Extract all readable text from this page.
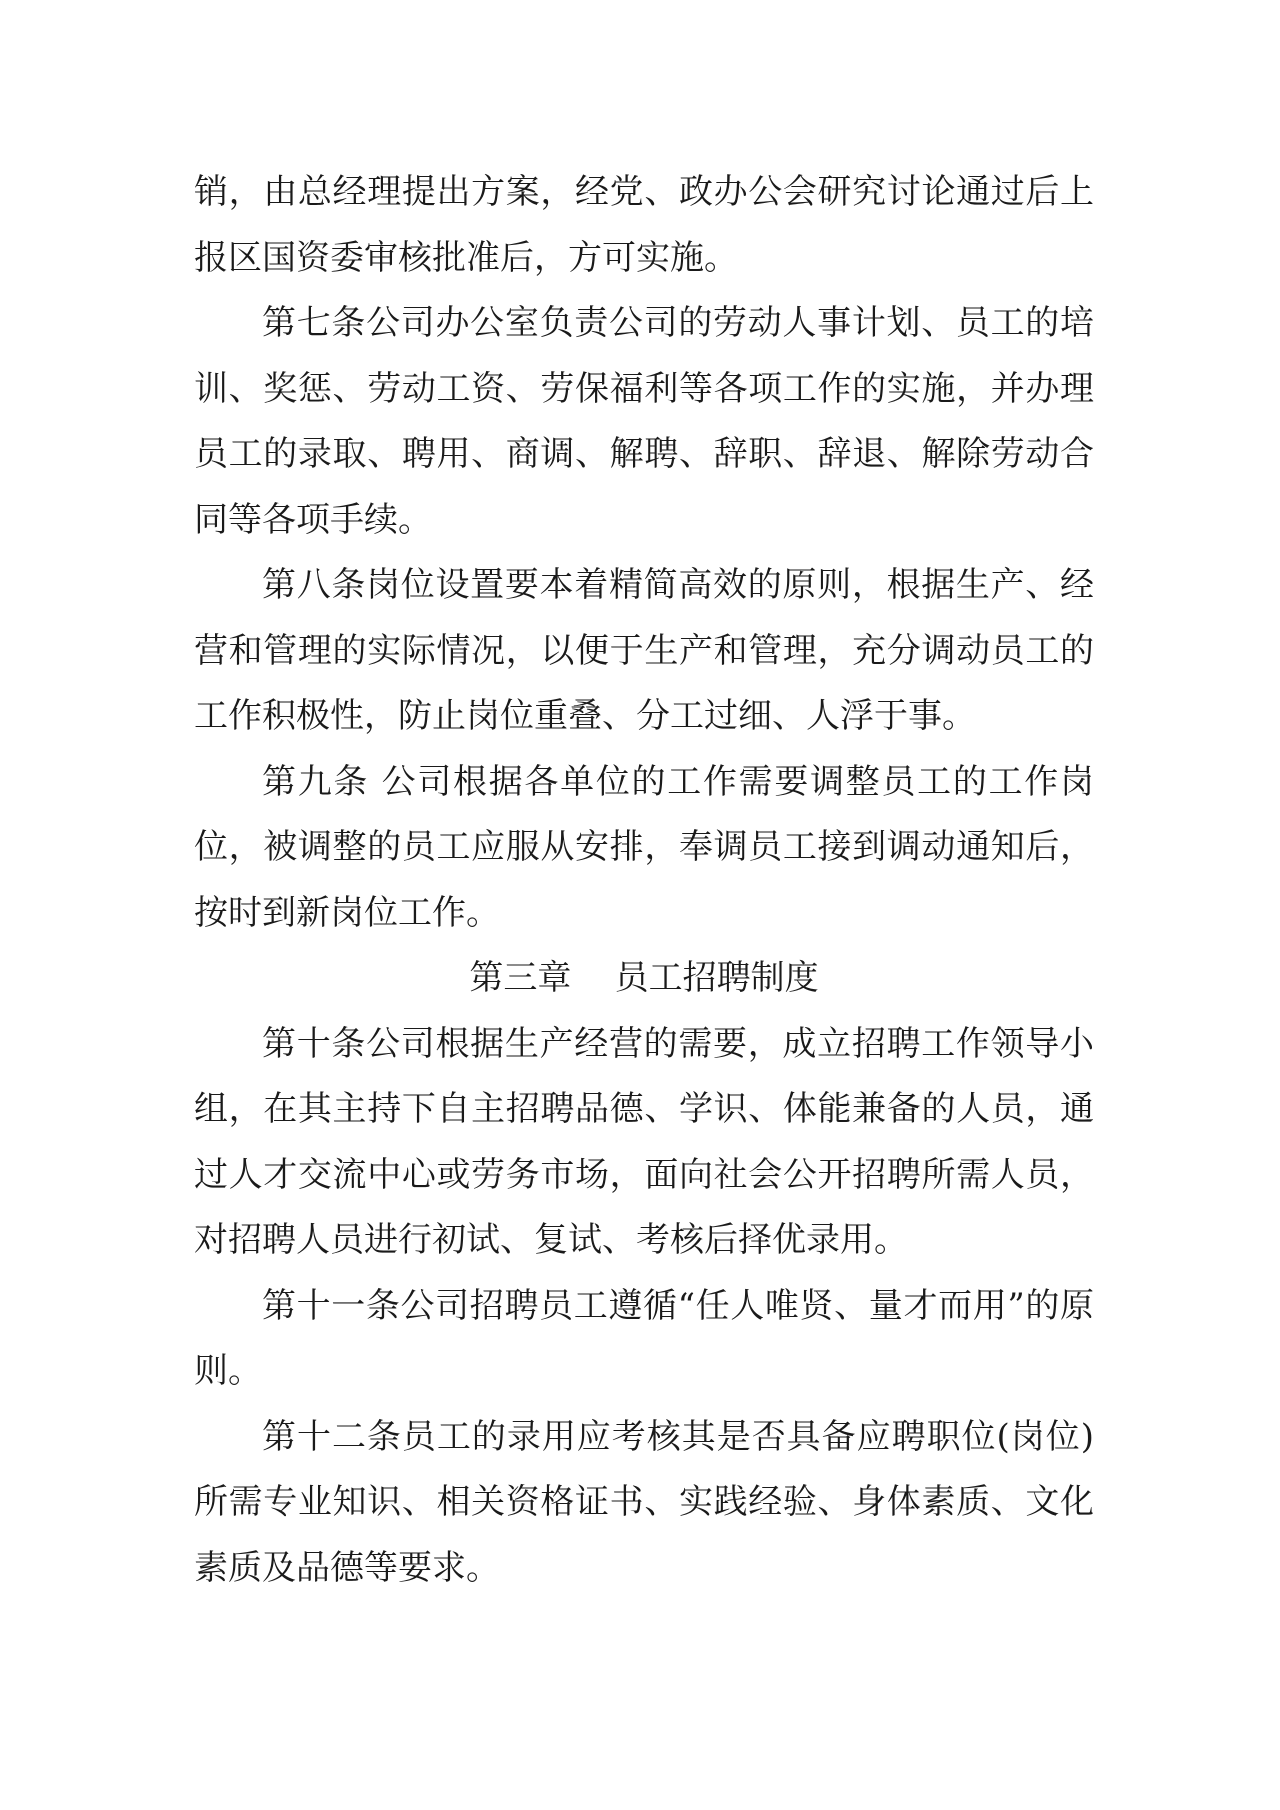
销，由总经理提出方案，经党、政办公会研究讨论通过后上报区国资委审核批准后，方可实施。

第七条公司办公室负责公司的劳动人事计划、员工的培训、奖惩、劳动工资、劳保福利等各项工作的实施，并办理员工的录取、聘用、商调、解聘、辞职、辞退、解除劳动合同等各项手续。

第八条岗位设置要本着精简高效的原则，根据生产、经营和管理的实际情况，以便于生产和管理，充分调动员工的工作积极性，防止岗位重叠、分工过细、人浮于事。

第九条 公司根据各单位的工作需要调整员工的工作岗位，被调整的员工应服从安排，奉调员工接到调动通知后，按时到新岗位工作。

第三章    员工招聘制度

第十条公司根据生产经营的需要，成立招聘工作领导小组，在其主持下自主招聘品德、学识、体能兼备的人员，通过人才交流中心或劳务市场，面向社会公开招聘所需人员，对招聘人员进行初试、复试、考核后择优录用。

第十一条公司招聘员工遵循“任人唯贤、量才而用”的原则。

第十二条员工的录用应考核其是否具备应聘职位(岗位)所需专业知识、相关资格证书、实践经验、身体素质、文化素质及品德等要求。
